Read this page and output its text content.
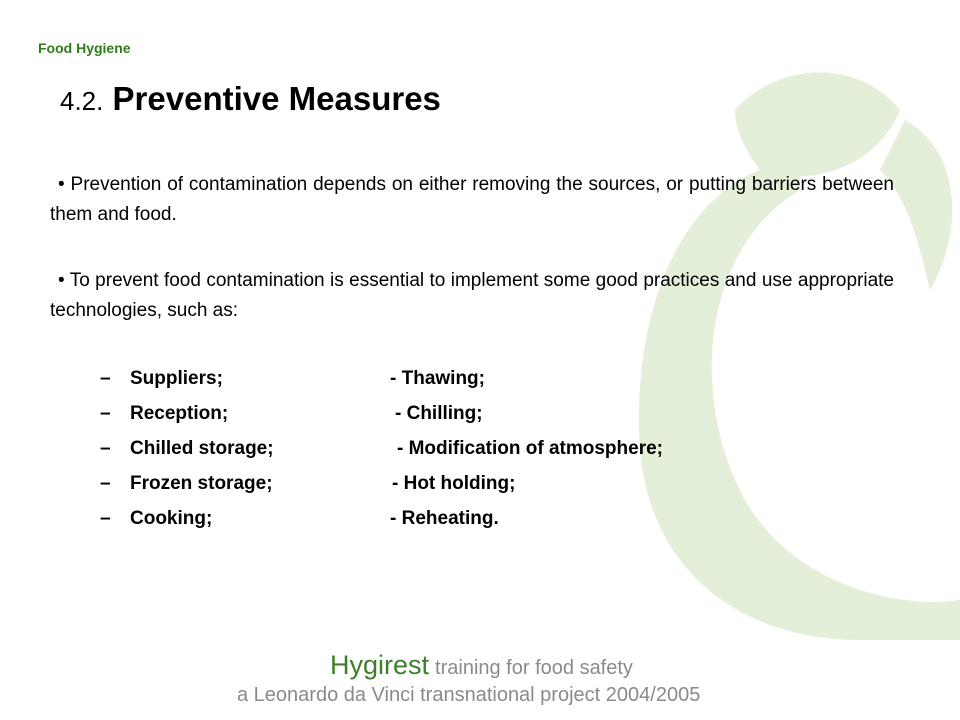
Food Hygiene
4.2. Preventive Measures
• Prevention of contamination depends on either removing the sources, or putting barriers between them and food.
• To prevent food contamination is essential to implement some good practices and use appropriate technologies, such as:
– Suppliers;	- Thawing;
– Reception;	- Chilling;
– Chilled storage;	- Modification of atmosphere;
– Frozen storage;	- Hot holding;
– Cooking;	- Reheating.
Hygirest training for food safety
a Leonardo da Vinci transnational project 2004/2005
